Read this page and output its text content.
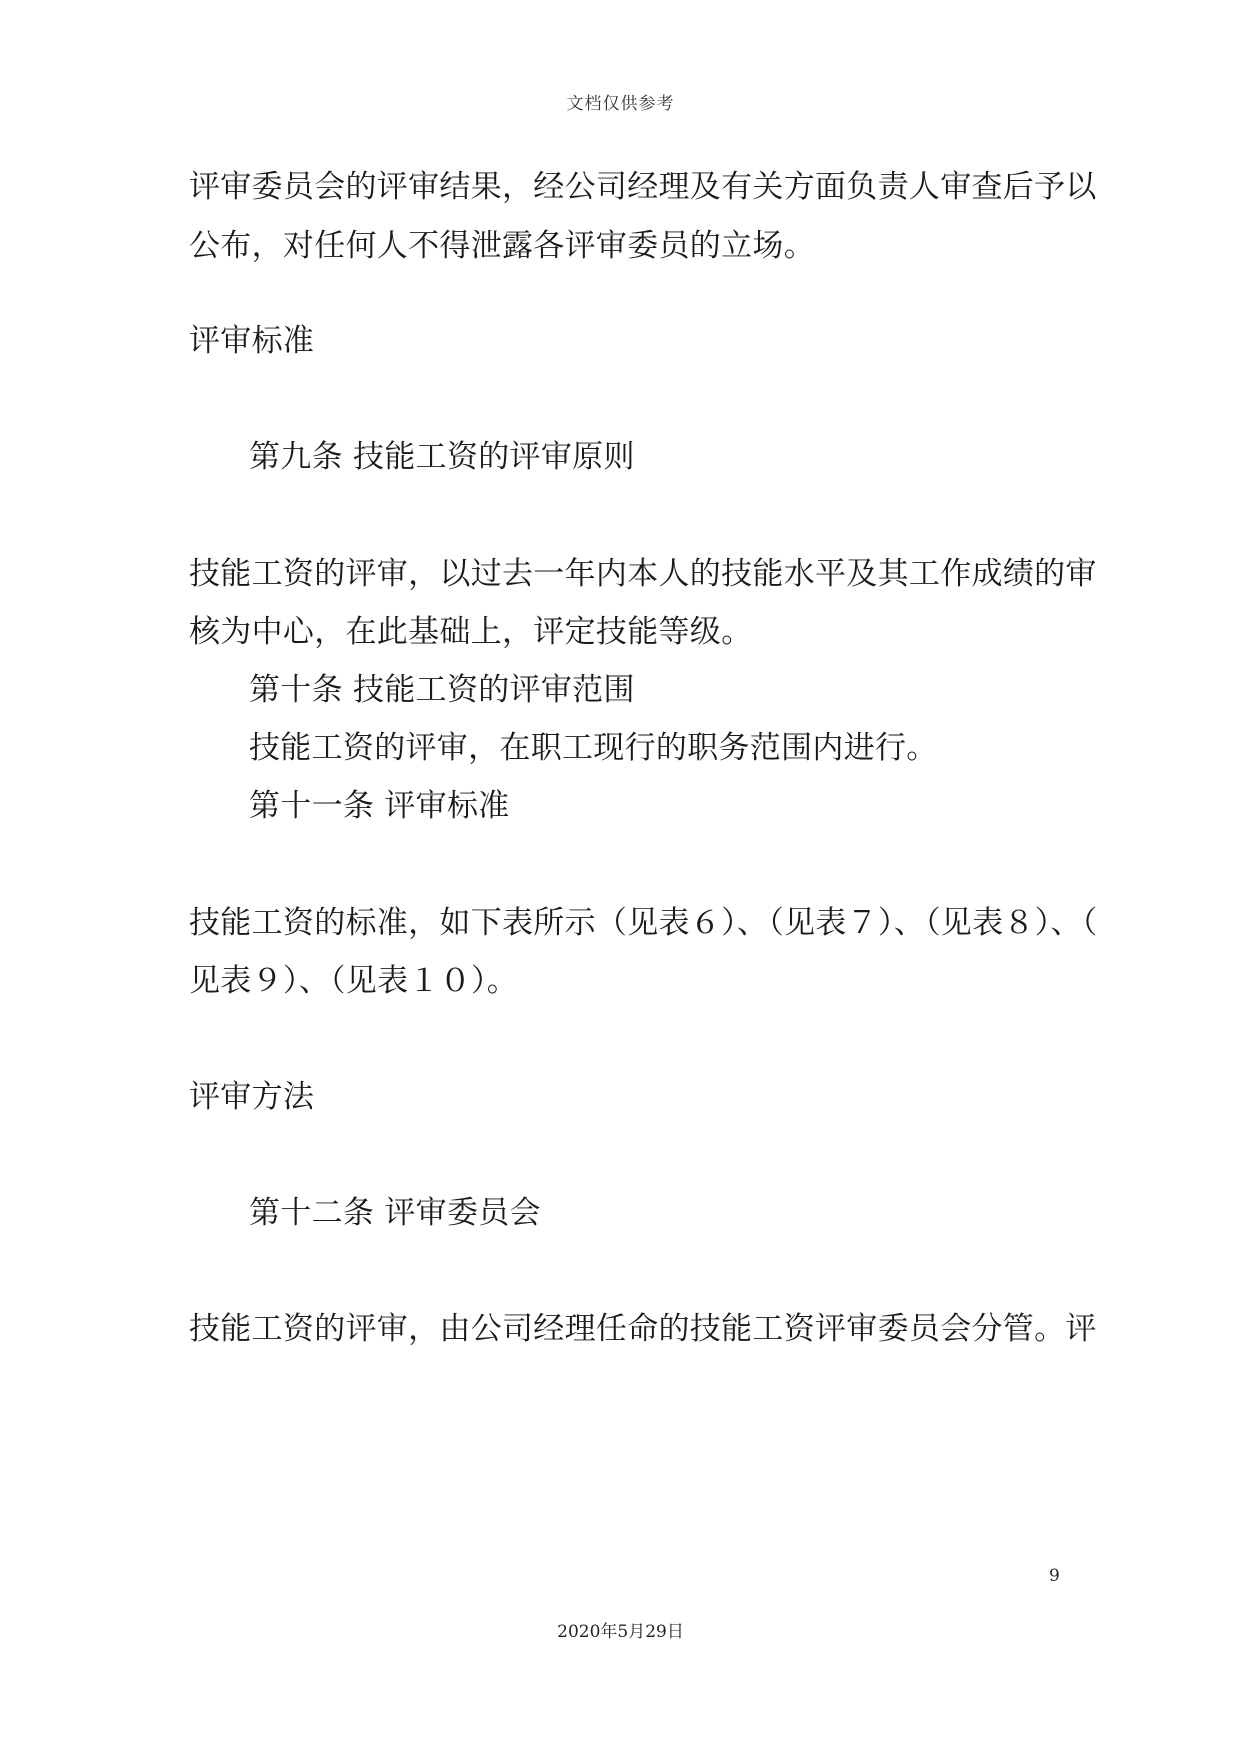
文档仅供参考
评审委员会的评审结果，经公司经理及有关方面负责人审查后予以
公布，对任何人不得泄露各评审委员的立场。
评审标准
第九条 技能工资的评审原则
技能工资的评审，以过去一年内本人的技能水平及其工作成绩的审
核为中心，在此基础上，评定技能等级。
第十条 技能工资的评审范围
技能工资的评审，在职工现行的职务范围内进行。
第十一条 评审标准
技能工资的标准，如下表所示（见表６）、（见表７）、（见表８）、（
见表９）、（见表１０）。
评审方法
第十二条 评审委员会
技能工资的评审，由公司经理任命的技能工资评审委员会分管。评
9
2020年5月29日
